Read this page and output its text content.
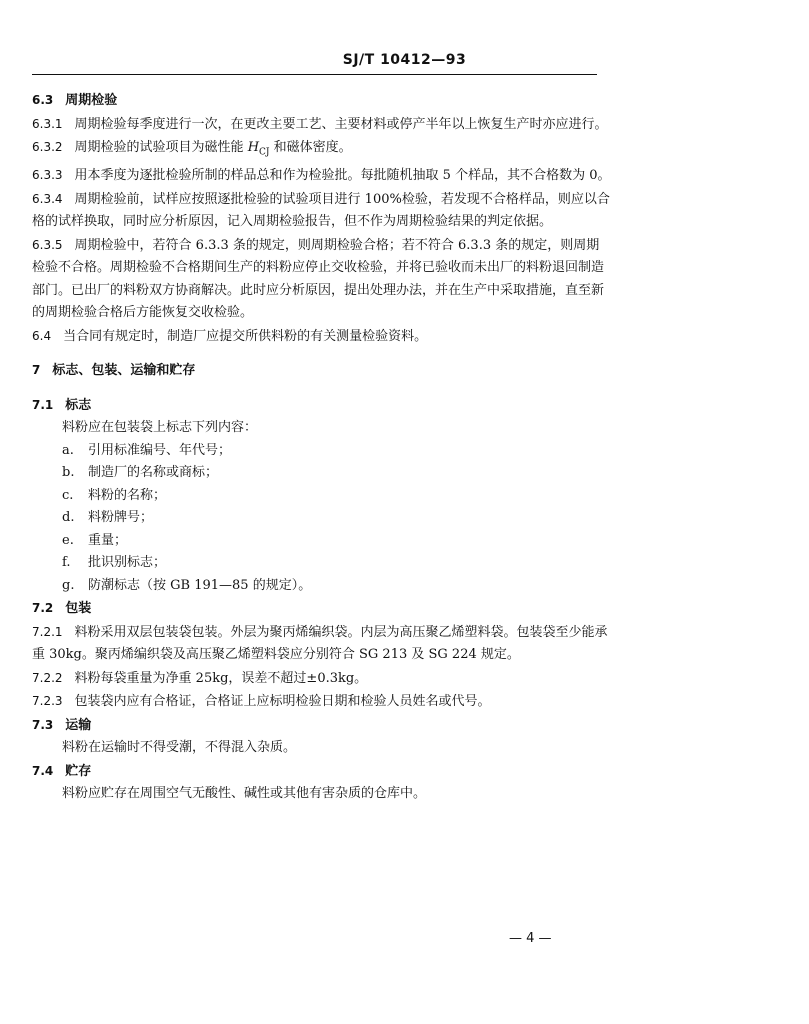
SJ/T 10412—93

6.3 周期检验

6.3.1 周期检验每季度进行一次，在更改主要工艺、主要材料或停产半年以上恢复生产时亦应进行。

6.3.2 周期检验的试验项目为磁性能 $H_{CJ}$ 和磁体密度。

6.3.3 用本季度为逐批检验所制的样品总和作为检验批。每批随机抽取 5 个样品，其不合格数为 0。

6.3.4 周期检验前，试样应按照逐批检验的试验项目进行 100%检验，若发现不合格样品，则应以合格的试样换取，同时应分析原因，记入周期检验报告，但不作为周期检验结果的判定依据。

6.3.5 周期检验中，若符合 6.3.3 条的规定，则周期检验合格；若不符合 6.3.3 条的规定，则周期检验不合格。周期检验不合格期间生产的料粉应停止交收检验，并将已验收而未出厂的料粉退回制造部门。已出厂的料粉双方协商解决。此时应分析原因，提出处理办法，并在生产中采取措施，直至新的周期检验合格后方能恢复交收检验。

6.4 当合同有规定时，制造厂应提交所供料粉的有关测量检验资料。

7 标志、包装、运输和贮存

7.1 标志

料粉应在包装袋上标志下列内容：

a. 引用标准编号、年代号；

b. 制造厂的名称或商标；

c. 料粉的名称；

d. 料粉牌号；

e. 重量；

f. 批识别标志；

g. 防潮标志（按 GB 191—85 的规定）。

7.2 包装

7.2.1 料粉采用双层包装袋包装。外层为聚丙烯编织袋。内层为高压聚乙烯塑料袋。包装袋至少能承重 30kg。聚丙烯编织袋及高压聚乙烯塑料袋应分别符合 SG 213 及 SG 224 规定。

7.2.2 料粉每袋重量为净重 25kg，误差不超过±0.3kg。

7.2.3 包装袋内应有合格证，合格证上应标明检验日期和检验人员姓名或代号。

7.3 运输

料粉在运输时不得受潮，不得混入杂质。

7.4 贮存

料粉应贮存在周围空气无酸性、碱性或其他有害杂质的仓库中。

— 4 —
